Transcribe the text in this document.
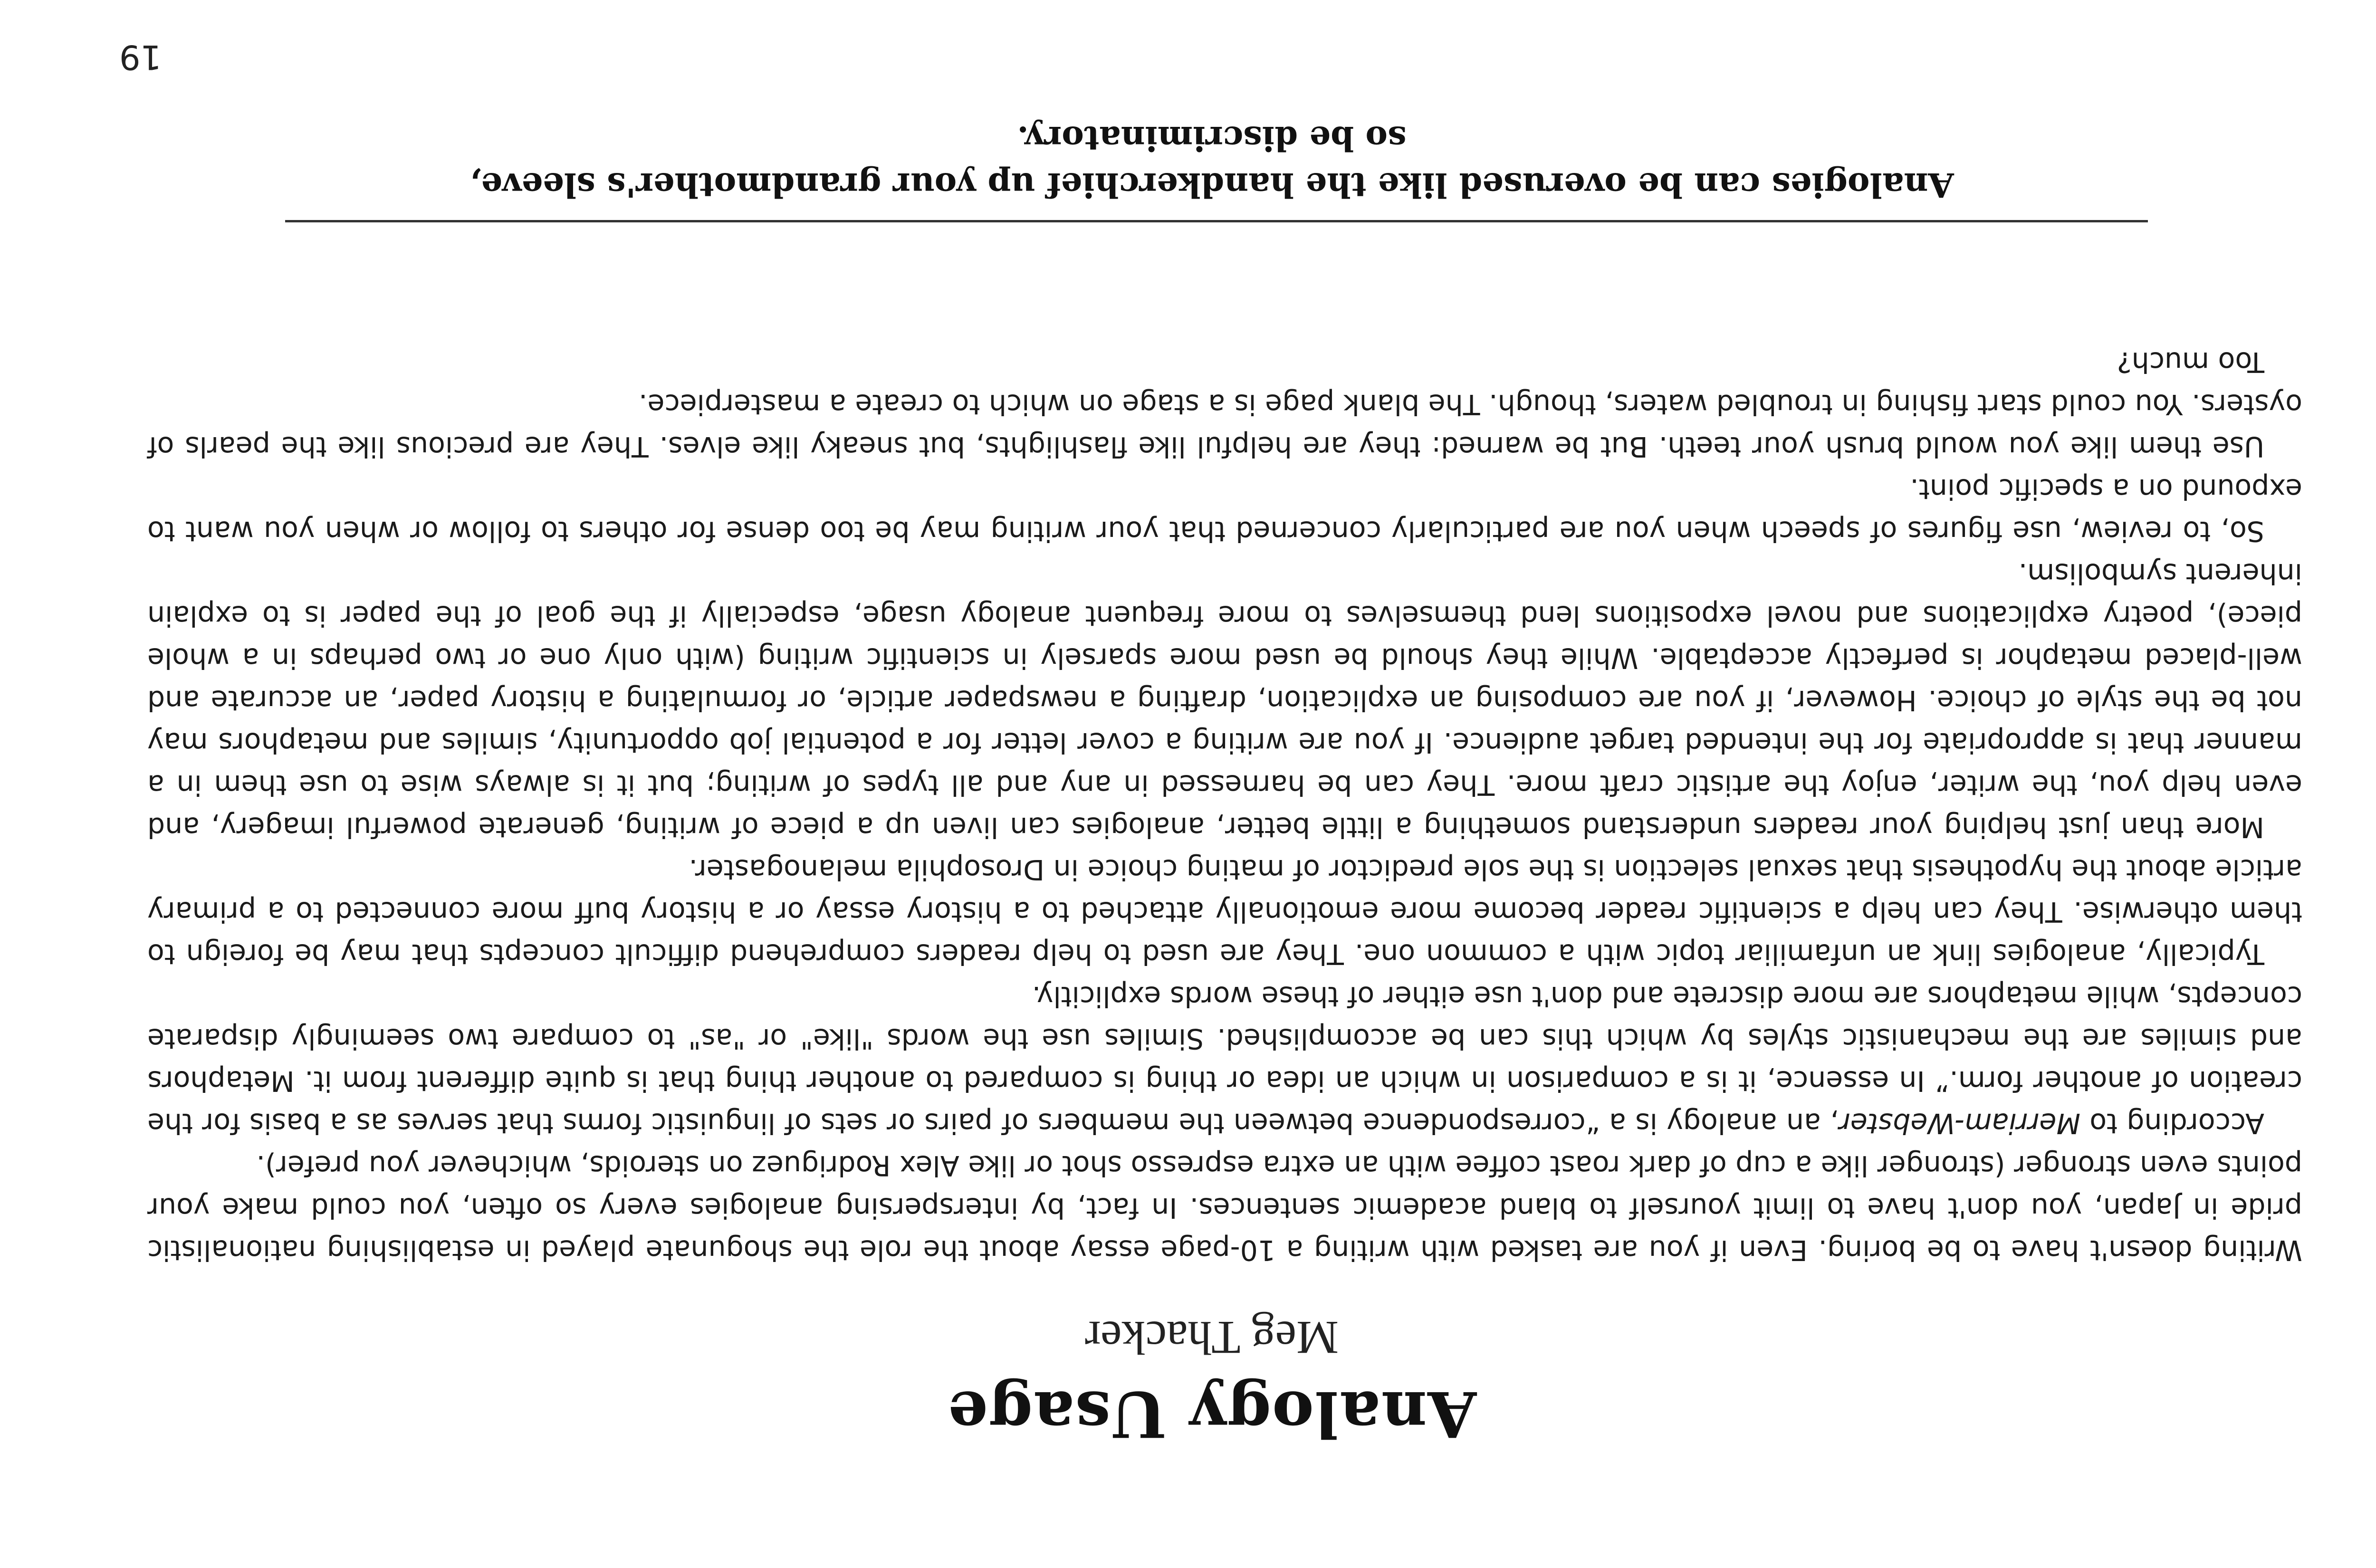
Analogy Usage
Meg Thacker

Writing doesn't have to be boring. Even if you are tasked with writing a 10-page essay about the role the shogunate played in establishing nationalistic pride in Japan, you don't have to limit yourself to bland academic sentences. In fact, by interspersing analogies every so often, you could make your points even stronger (stronger like a cup of dark roast coffee with an extra espresso shot or like Alex Rodriguez on steroids, whichever you prefer).

According to Merriam-Webster, an analogy is a “correspondence between the members of pairs or sets of linguistic forms that serves as a basis for the creation of another form.” In essence, it is a comparison in which an idea or thing is compared to another thing that is quite different from it. Metaphors and similes are the mechanistic styles by which this can be accomplished. Similes use the words "like" or "as" to compare two seemingly disparate concepts, while metaphors are more discrete and don't use either of these words explicitly.

Typically, analogies link an unfamiliar topic with a common one. They are used to help readers comprehend difficult concepts that may be foreign to them otherwise. They can help a scientific reader become more emotionally attached to a history essay or a history buff more connected to a primary article about the hypothesis that sexual selection is the sole predictor of mating choice in Drosophila melanogaster.

More than just helping your readers understand something a little better, analogies can liven up a piece of writing, generate powerful imagery, and even help you, the writer, enjoy the artistic craft more. They can be harnessed in any and all types of writing; but it is always wise to use them in a manner that is appropriate for the intended target audience. If you are writing a cover letter for a potential job opportunity, similes and metaphors may not be the style of choice. However, if you are composing an explication, drafting a newspaper article, or formulating a history paper, an accurate and well-placed metaphor is perfectly acceptable. While they should be used more sparsely in scientific writing (with only one or two perhaps in a whole piece), poetry explications and novel expositions lend themselves to more frequent analogy usage, especially if the goal of the paper is to explain inherent symbolism.

So, to review, use figures of speech when you are particularly concerned that your writing may be too dense for others to follow or when you want to expound on a specific point.

Use them like you would brush your teeth. But be warned: they are helpful like flashlights, but sneaky like elves. They are precious like the pearls of oysters. You could start fishing in troubled waters, though. The blank page is a stage on which to create a masterpiece.

Too much?

Analogies can be overused like the handkerchief up your grandmother's sleeve,
so be discriminatory.
19
